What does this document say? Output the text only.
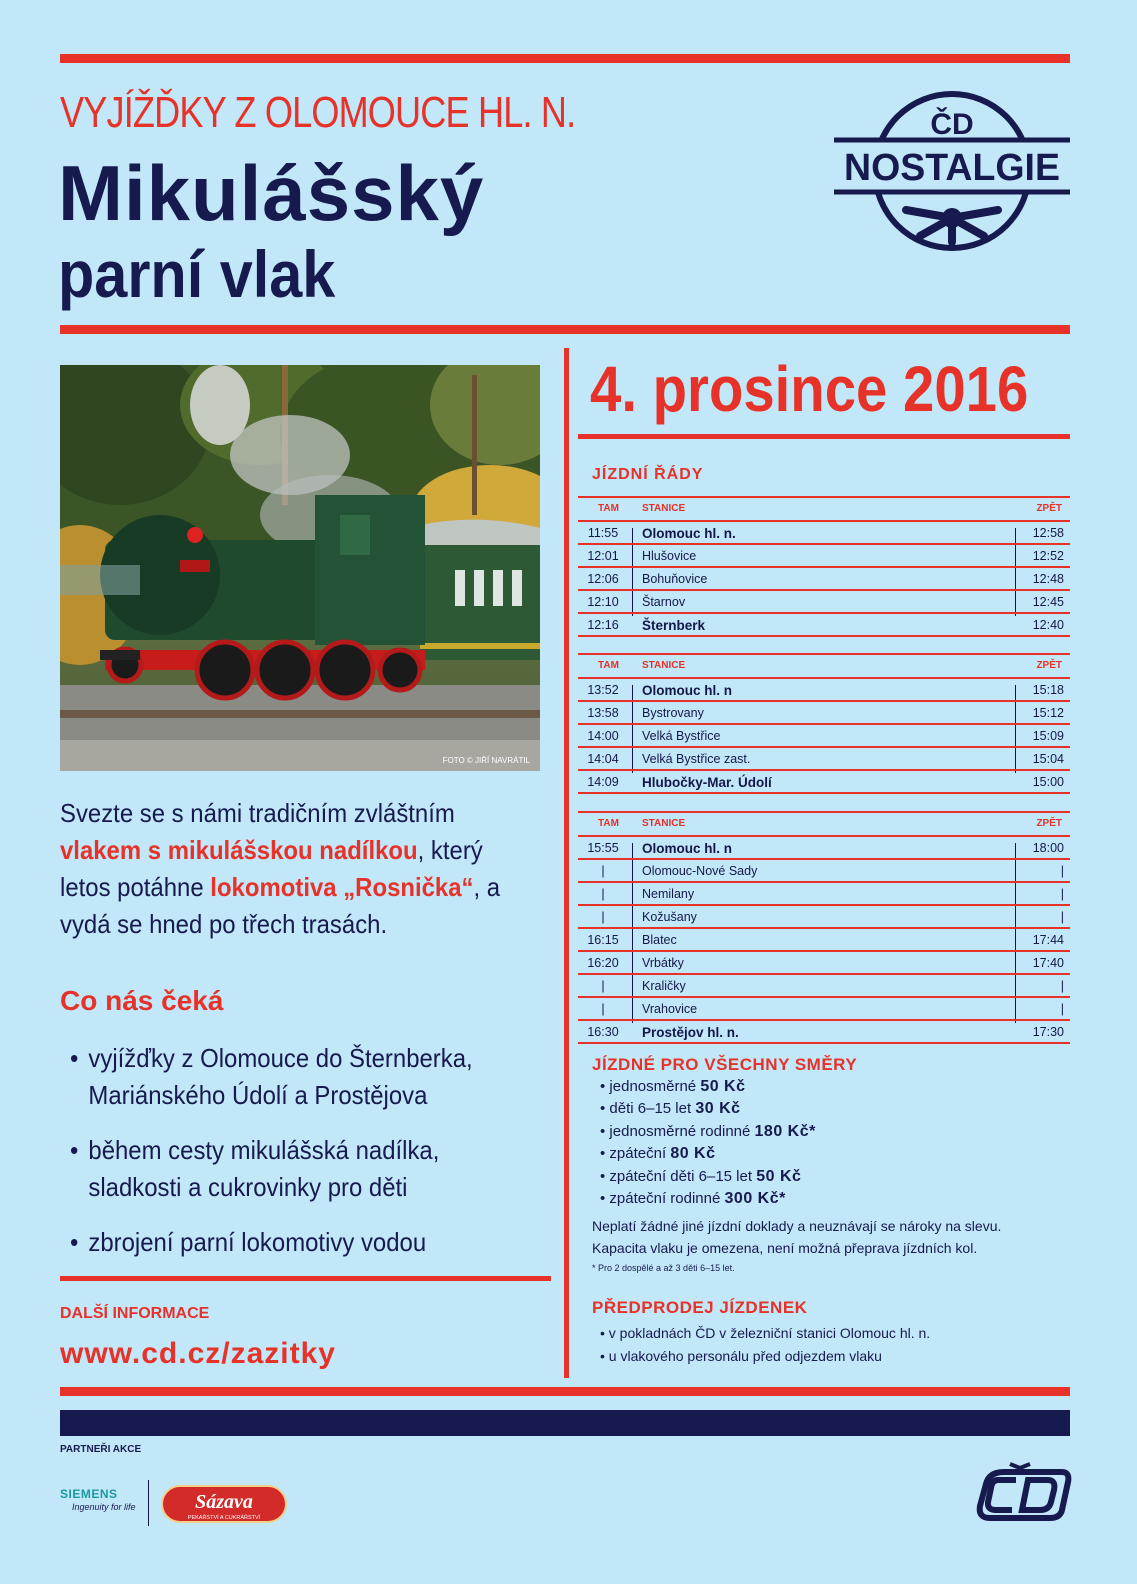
VYJÍŽĎKY Z OLOMOUCE HL. N.
Mikulášský
parní vlak
ČD
NOSTALGIE
FOTO © JIŘÍ NAVRÁTIL
Svezte se s námi tradičním zvláštním vlakem s mikulášskou nadílkou, který letos potáhne lokomotiva „Rosnička“, a vydá se hned po třech trasách.
Co nás čeká
• vyjížďky z Olomouce do Šternberka, Mariánského Údolí a Prostějova
• během cesty mikulášská nadílka, sladkosti a cukrovinky pro děti
• zbrojení parní lokomotivy vodou
DALŠÍ INFORMACE
www.cd.cz/zazitky
4. prosince 2016
JÍZDNÍ ŘÁDY
TAM STANICE	ZPĚT
11:55 Olomouc hl. n.	12:58
12:01 Hlušovice	12:52
12:06 Bohuňovice	12:48
12:10 Štarnov	12:45
12:16 Šternberk	12:40
TAM STANICE	ZPĚT
13:52 Olomouc hl. n	15:18
13:58 Bystrovany	15:12
14:00 Velká Bystřice	15:09
14:04 Velká Bystřice zast.	15:04
14:09 Hlubočky-Mar. Údolí	15:00
TAM STANICE	ZPĚT
15:55 Olomouc hl. n	18:00
|	Olomouc-Nové Sady	|
|	Nemilany	|
|	Kožušany	|
16:15 Blatec	17:44
16:20 Vrbátky	17:40
|	Kraličky	|
|	Vrahovice	|
16:30 Prostějov hl. n.	17:30
JÍZDNÉ PRO VŠECHNY SMĚRY
• jednosměrné 50 Kč
• děti 6–15 let 30 Kč
• jednosměrné rodinné 180 Kč*
• zpáteční 80 Kč
• zpáteční děti 6–15 let 50 Kč
• zpáteční rodinné 300 Kč*
Neplatí žádné jiné jízdní doklady a neuznávají se nároky na slevu.
Kapacita vlaku je omezena, není možná přeprava jízdních kol.
* Pro 2 dospělé a až 3 děti 6–15 let.
PŘEDPRODEJ JÍZDENEK
• v pokladnách ČD v železniční stanici Olomouc hl. n.
• u vlakového personálu před odjezdem vlaku
PARTNEŘI AKCE
SIEMENS
Ingenuity for life	Sázava
PEKAŘSTVÍ A CUKRÁŘSTVÍ
ČD
